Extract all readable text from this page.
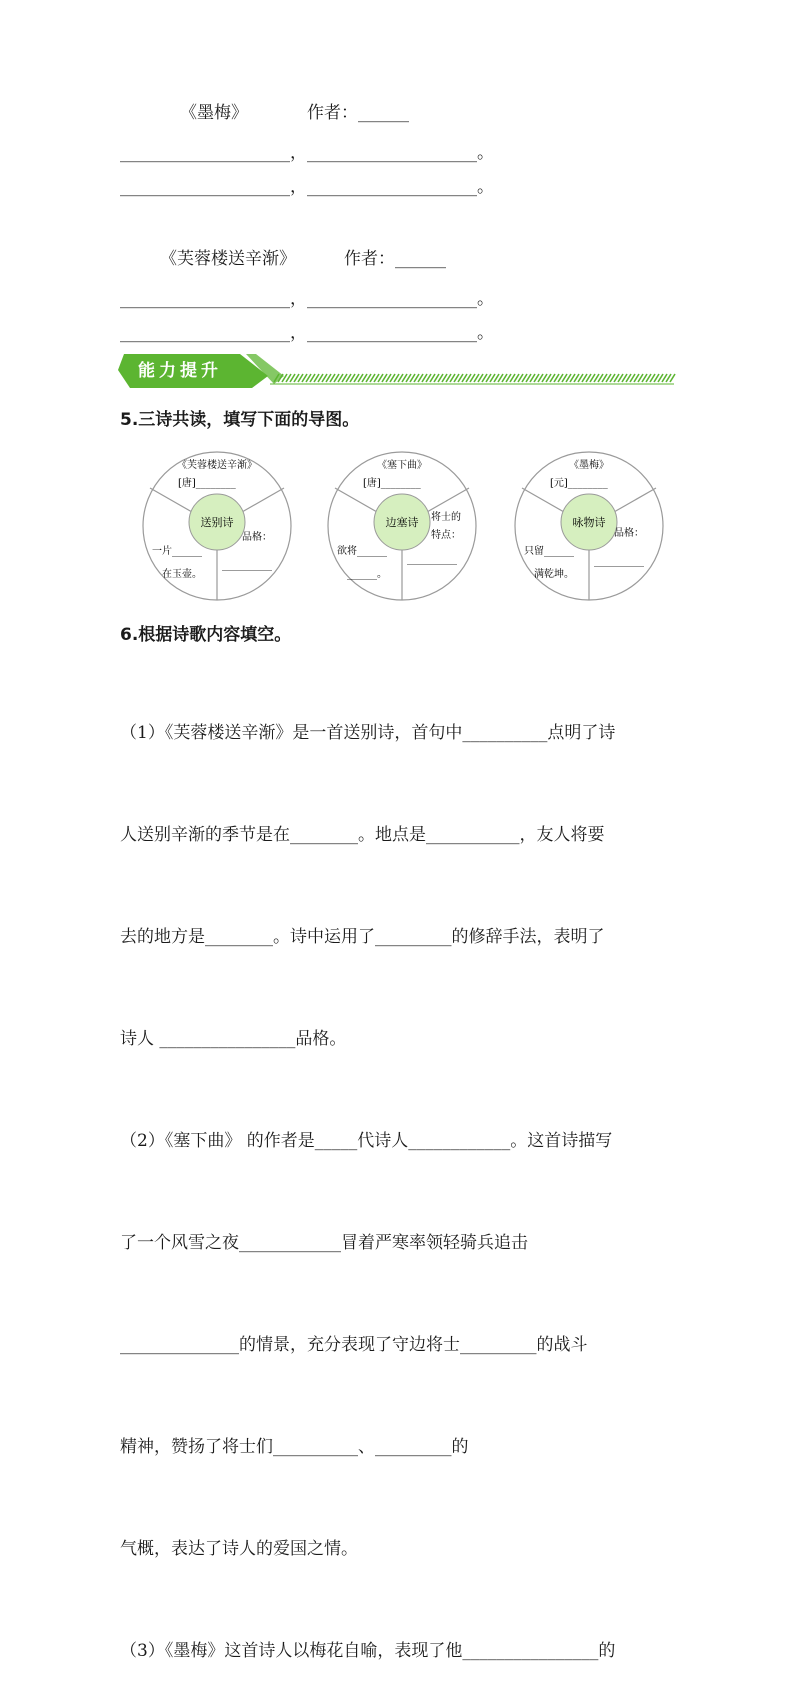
《墨梅》	作者：______
____________________，____________________。
____________________，____________________。
《芙蓉楼送辛渐》	作者：______
____________________，____________________。
____________________，____________________。
能力提升
5.三诗共读，填写下面的导图。
《芙蓉楼送辛渐》
[唐]________
送别诗
品格：
__________
一片______
在玉壶。
《塞下曲》
[唐]________
边塞诗 将士的
特点：
__________
欲将______
______。
《墨梅》
[元]________
咏物诗
品格：
__________
只留______
满乾坤。
6.根据诗歌内容填空。

（1）《芙蓉楼送辛渐》是一首送别诗，首句中__________点明了诗

人送别辛渐的季节是在________。地点是___________，友人将要

去的地方是________。诗中运用了_________的修辞手法，表明了

诗人 ________________品格。

（2）《塞下曲》 的作者是_____代诗人____________。这首诗描写

了一个风雪之夜____________冒着严寒率领轻骑兵追击

______________的情景，充分表现了守边将士_________的战斗

精神，赞扬了将士们__________、_________的

气概，表达了诗人的爱国之情。

（3）《墨梅》这首诗人以梅花自喻，表现了他________________的
